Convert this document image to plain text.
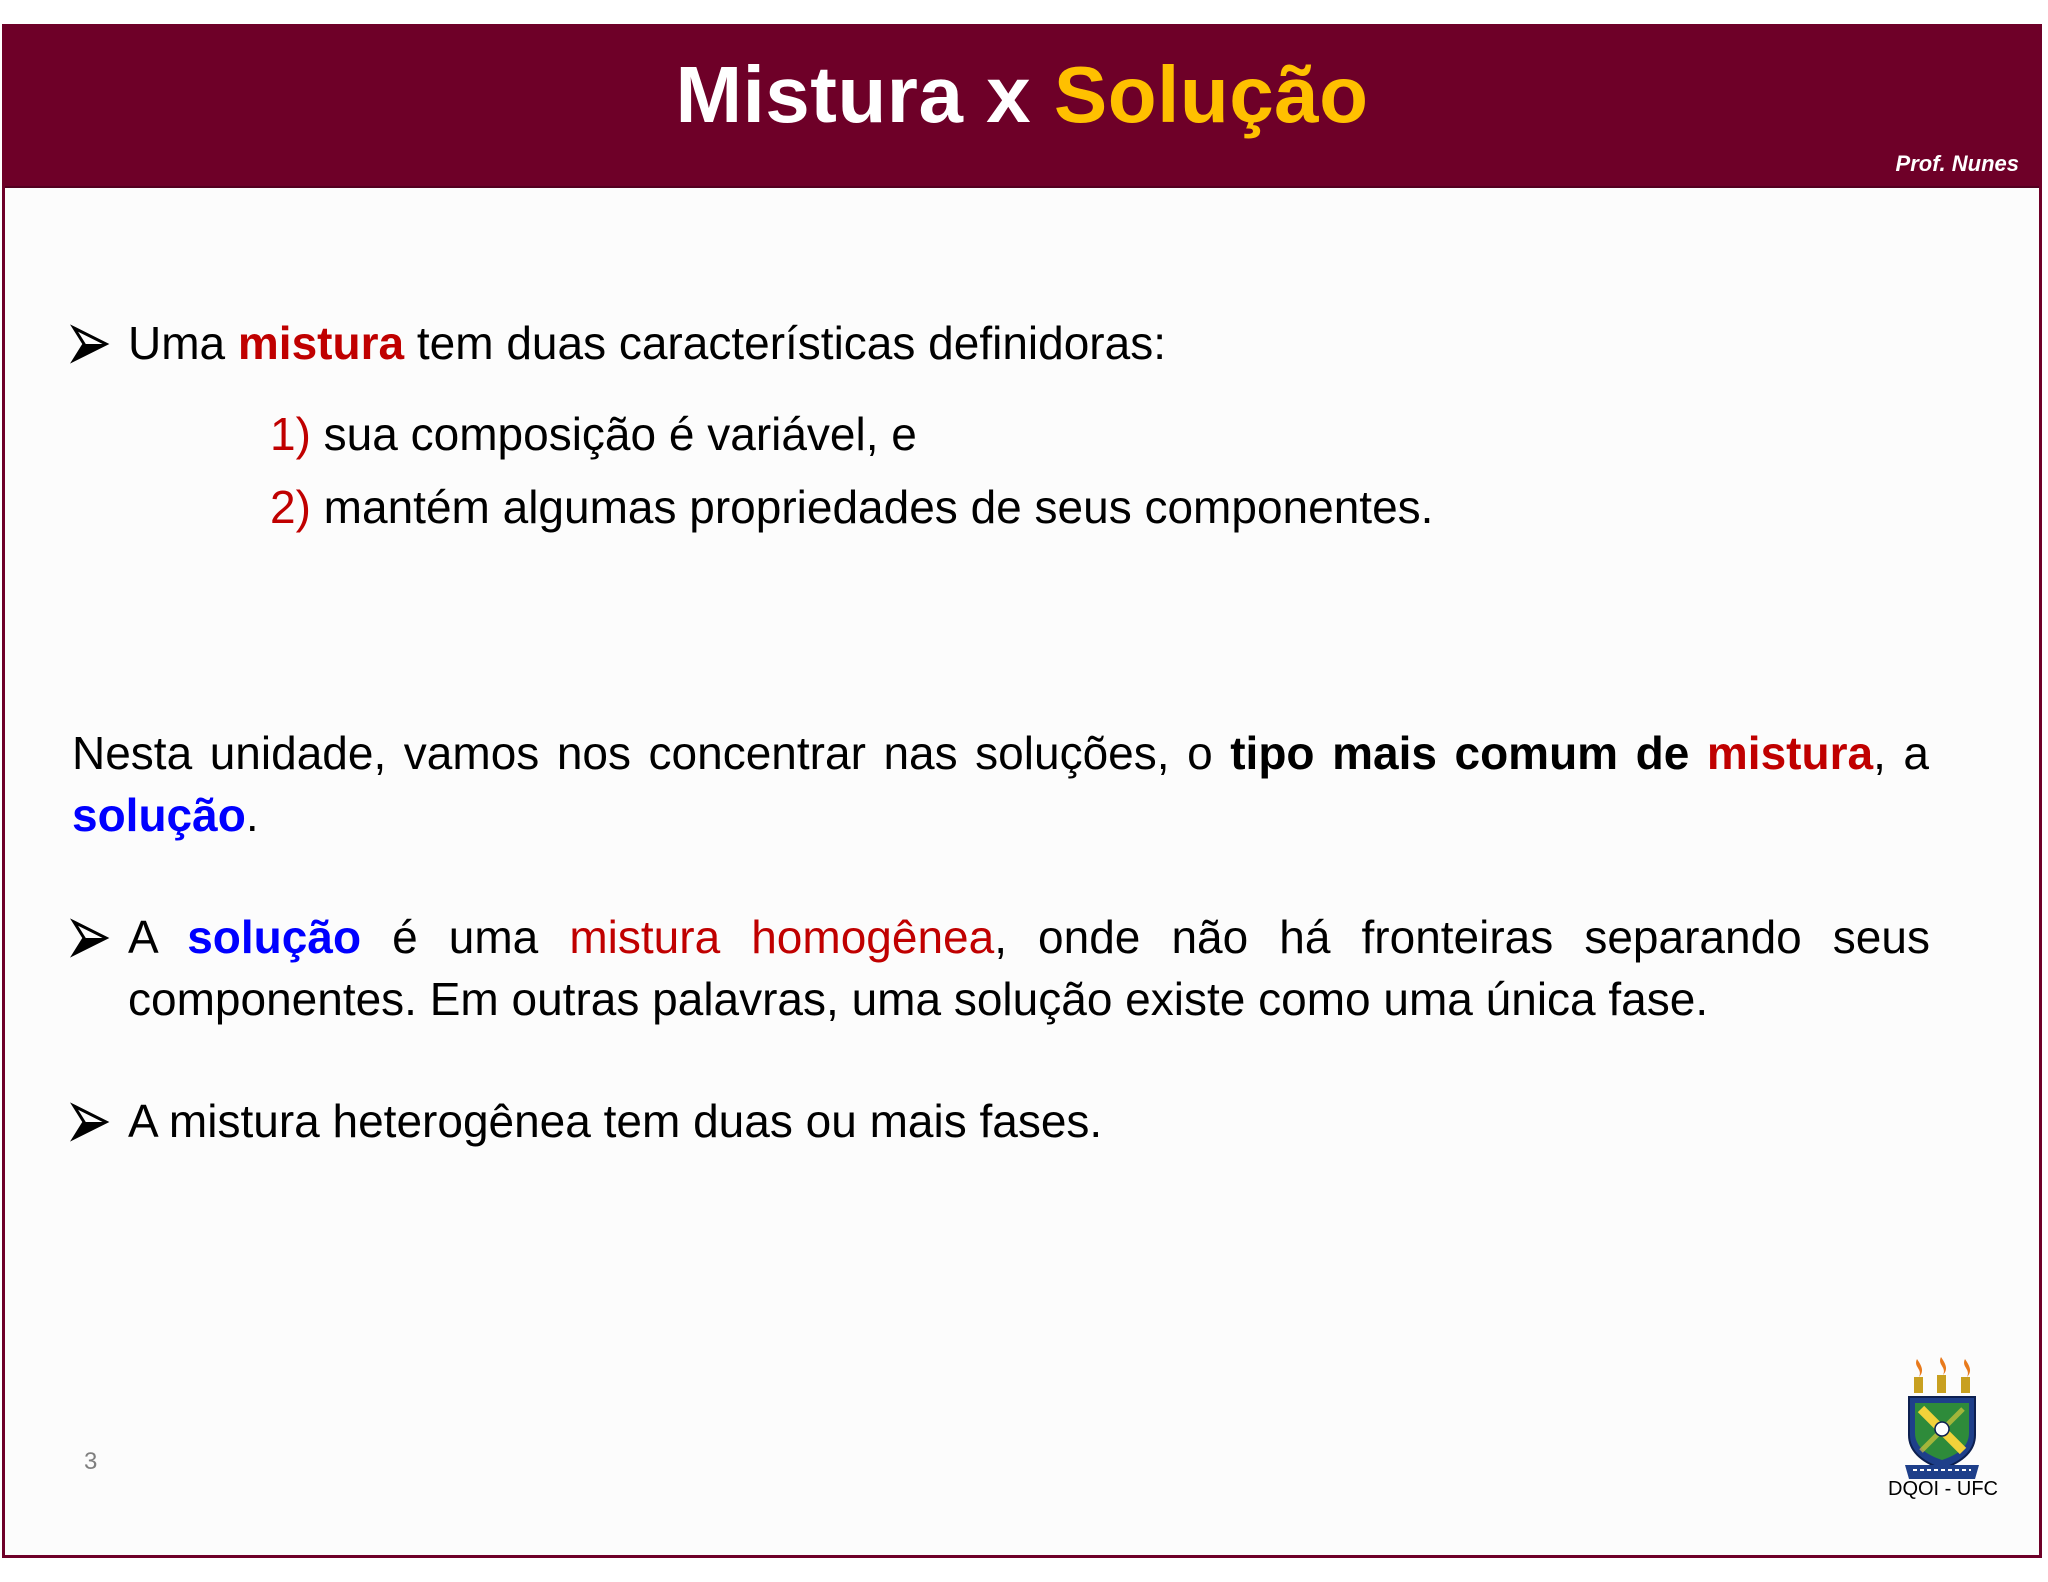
Mistura x Solução
Prof. Nunes
Uma mistura tem duas características definidoras:
1) sua composição é variável, e
2) mantém algumas propriedades de seus componentes.
Nesta unidade, vamos nos concentrar nas soluções, o tipo mais comum de mistura, a solução.
A solução é uma mistura homogênea, onde não há fronteiras separando seus componentes. Em outras palavras, uma solução existe como uma única fase.
A mistura heterogênea tem duas ou mais fases.
3
DQOI - UFC
